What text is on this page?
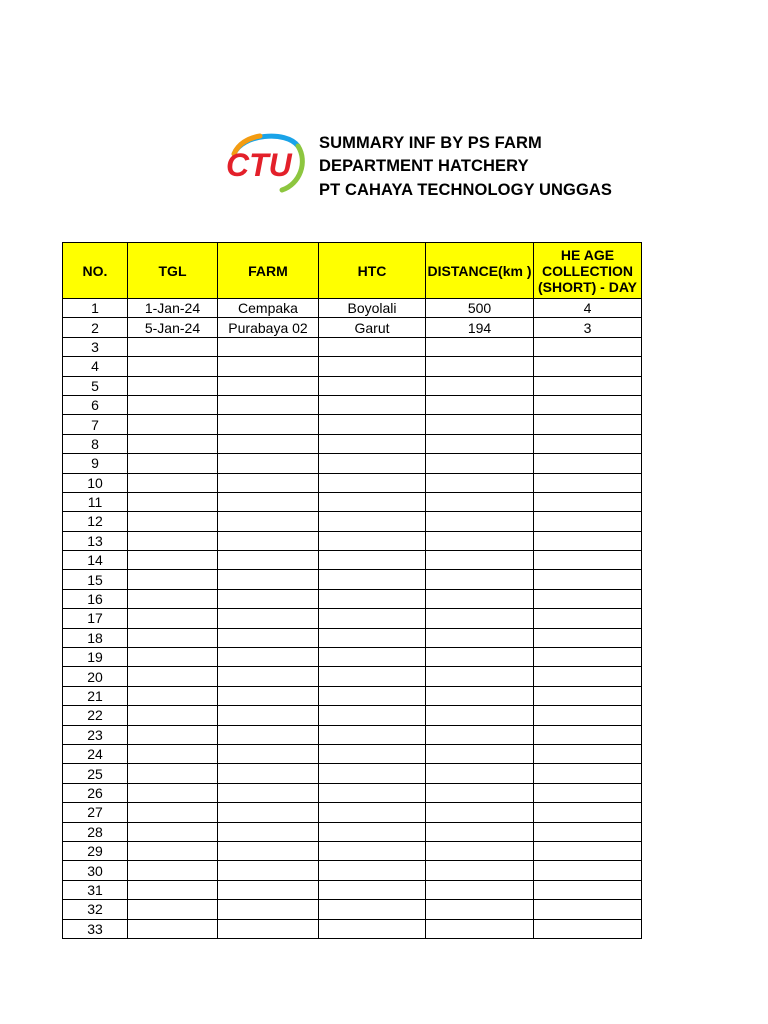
CTU
SUMMARY INF BY PS FARM
DEPARTMENT HATCHERY
PT CAHAYA TECHNOLOGY UNGGAS
NO.	TGL	FARM	HTC	DISTANCE(km )	HE AGE COLLECTION (SHORT) - DAY

1	1-Jan-24	Cempaka	Boyolali	500	4
2	5-Jan-24	Purabaya 02	Garut	194	3
3					
4					
5					
6					
7					
8					
9					
10					
11					
12					
13					
14					
15					
16					
17					
18					
19					
20					
21					
22					
23					
24					
25					
26					
27					
28					
29					
30					
31					
32					
33					
